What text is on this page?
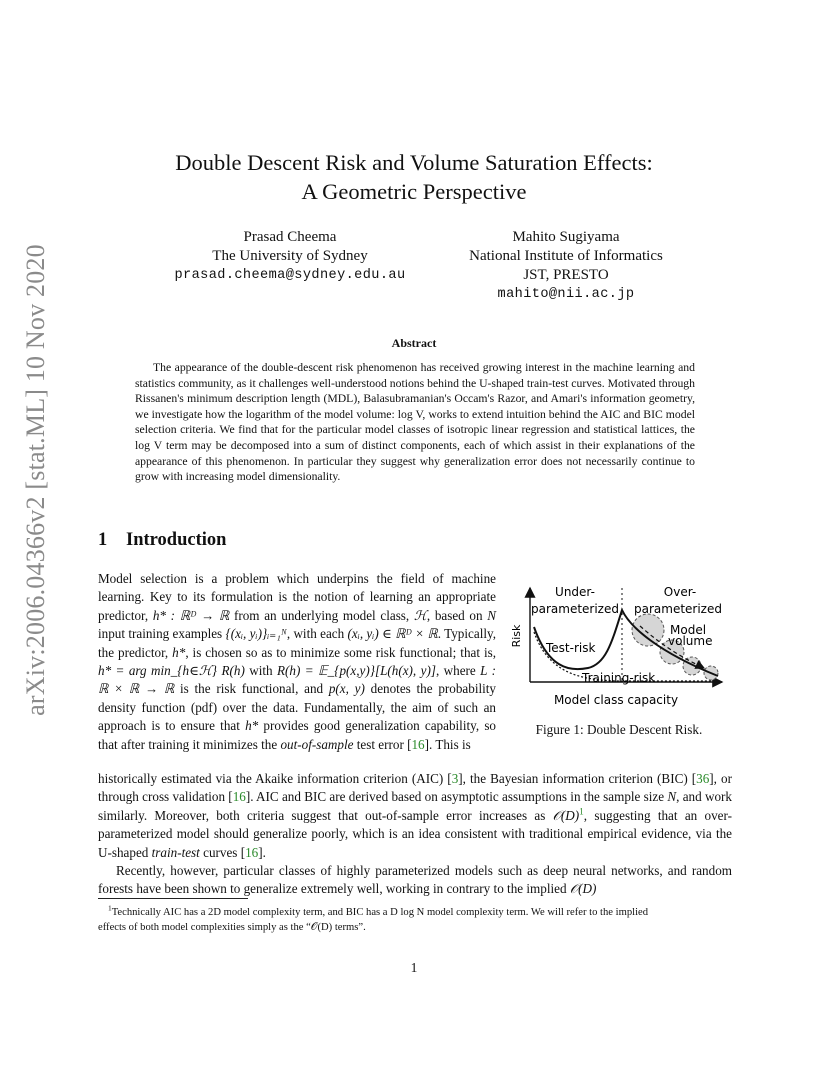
arXiv:2006.04366v2 [stat.ML] 10 Nov 2020
Double Descent Risk and Volume Saturation Effects:
A Geometric Perspective
Prasad Cheema
The University of Sydney
prasad.cheema@sydney.edu.au
Mahito Sugiyama
National Institute of Informatics
JST, PRESTO
mahito@nii.ac.jp
Abstract

The appearance of the double-descent risk phenomenon has received growing interest in the machine learning and statistics community, as it challenges well-understood notions behind the U-shaped train-test curves. Motivated through Rissanen's minimum description length (MDL), Balasubramanian's Occam's Razor, and Amari's information geometry, we investigate how the logarithm of the model volume: log V, works to extend intuition behind the AIC and BIC model selection criteria. We find that for the particular model classes of isotropic linear regression and statistical lattices, the log V term may be decomposed into a sum of distinct components, each of which assist in their explanations of the appearance of this phenomenon. In particular they suggest why generalization error does not necessarily continue to grow with increasing model dimensionality.

1 Introduction

Model selection is a problem which underpins the field of machine learning. Key to its formulation is the notion of learning an appropriate predictor, h* : ℝᴰ → ℝ from an underlying model class, ℋ, based on N input training examples {(xᵢ, yᵢ)}ᵢ₌₁ᴺ, with each (xᵢ, yᵢ) ∈ ℝᴰ × ℝ. Typically, the predictor, h*, is chosen so as to minimize some risk functional; that is, h* = arg min_{h∈ℋ} R(h) with R(h) = 𝔼_{p(x,y)}[L(h(x), y)], where L : ℝ × ℝ → ℝ is the risk functional, and p(x, y) denotes the probability density function (pdf) over the data. Fundamentally, the aim of such an approach is to ensure that h* provides good generalization capability, so that after training it minimizes the out-of-sample test error [16]. This is

Under-
parameterized
Over-
parameterized
Test-risk
Training-risk
Model
volume
Model class capacity
Risk
Figure 1: Double Descent Risk.

historically estimated via the Akaike information criterion (AIC) [3], the Bayesian information criterion (BIC) [36], or through cross validation [16]. AIC and BIC are derived based on asymptotic assumptions in the sample size N, and work similarly. Moreover, both criteria suggest that out-of-sample error increases as 𝒪(D)$^1$, suggesting that an over-parameterized model should generalize poorly, which is an idea consistent with traditional empirical evidence, via the U-shaped train-test curves [16].

Recently, however, particular classes of highly parameterized models such as deep neural networks, and random forests have been shown to generalize extremely well, working in contrary to the implied 𝒪(D)

$^1$Technically AIC has a 2D model complexity term, and BIC has a D log N model complexity term. We will refer to the implied
effects of both model complexities simply as the “𝒪(D) terms”.
1
